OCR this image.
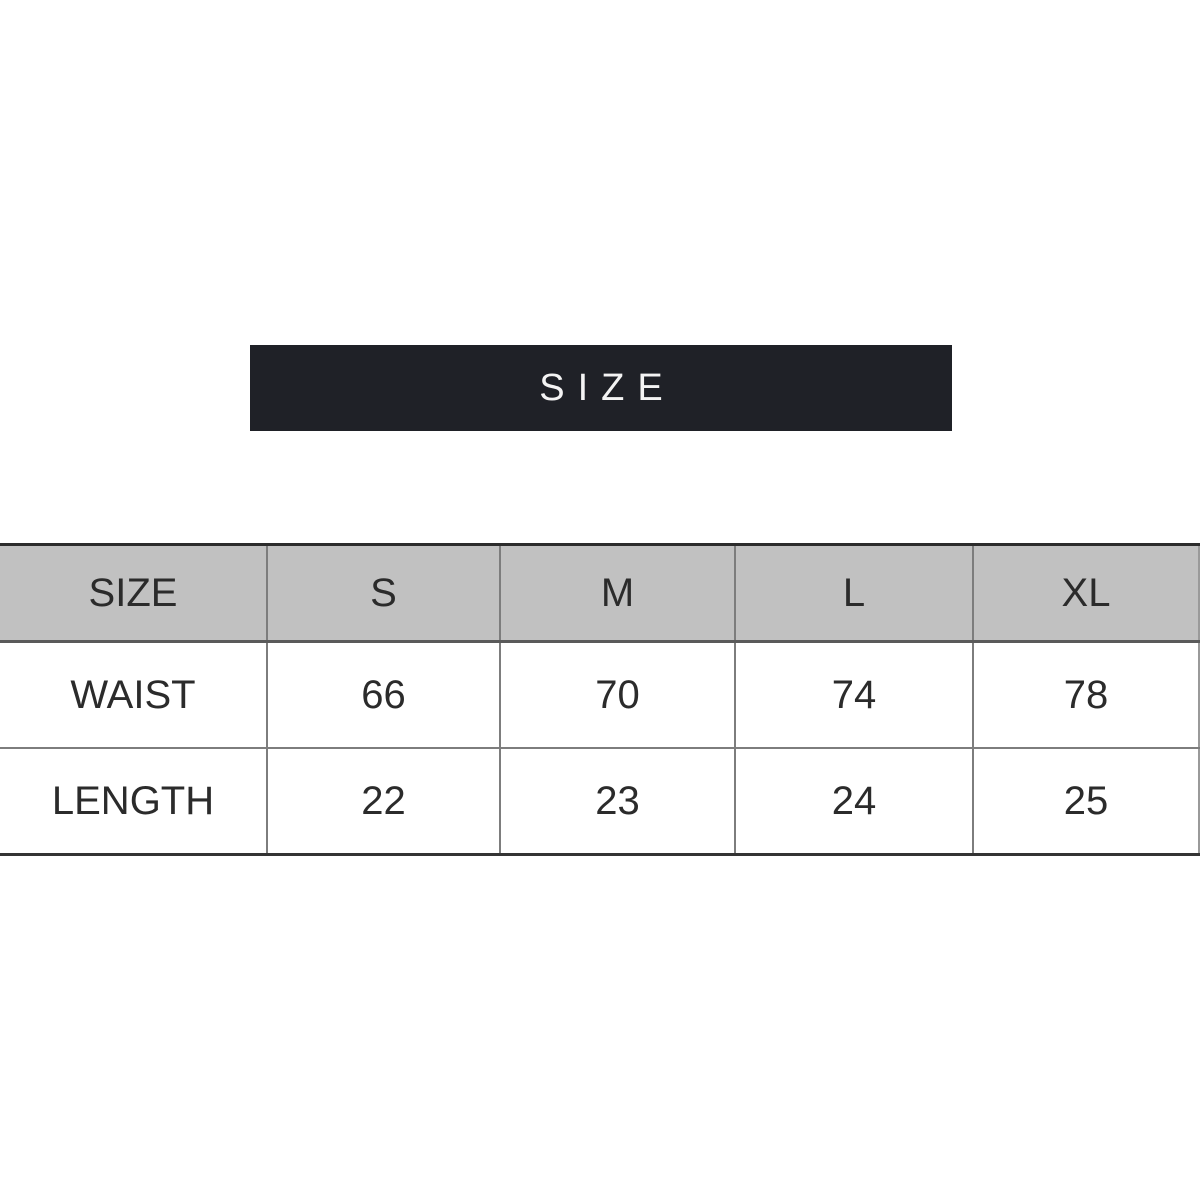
SIZE
SIZE	S	M	L	XL
WAIST	66	70	74	78
LENGTH	22	23	24	25
